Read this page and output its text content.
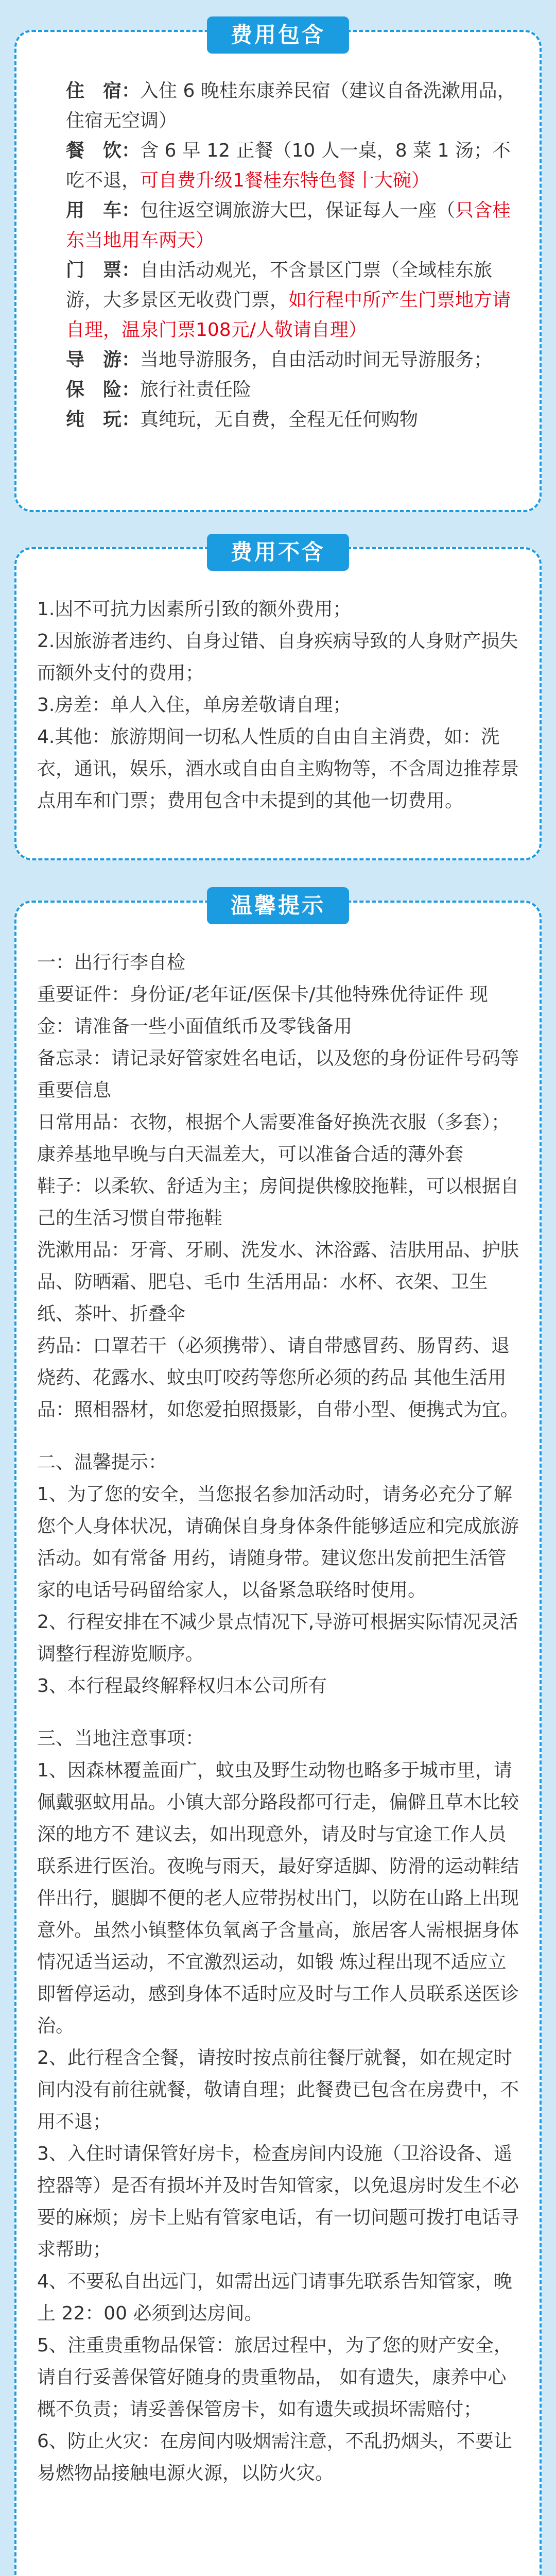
费用包含

住　宿：入住 6 晚桂东康养民宿（建议自备洗漱用品，住宿无空调）

餐　饮：含 6 早 12 正餐（10 人一桌，8 菜 1 汤；不吃不退，可自费升级1餐桂东特色餐十大碗）

用　车：包往返空调旅游大巴，保证每人一座（只含桂东当地用车两天）

门　票：自由活动观光，不含景区门票（全域桂东旅游，大多景区无收费门票，如行程中所产生门票地方请自理，温泉门票108元/人敬请自理）

导　游：当地导游服务，自由活动时间无导游服务；

保　险：旅行社责任险

纯　玩：真纯玩，无自费，全程无任何购物

费用不含

1.因不可抗力因素所引致的额外费用；

2.因旅游者违约、自身过错、自身疾病导致的人身财产损失而额外支付的费用；

3.房差：单人入住，单房差敬请自理；

4.其他：旅游期间一切私人性质的自由自主消费，如：洗衣，通讯，娱乐，酒水或自由自主购物等，不含周边推荐景点用车和门票；费用包含中未提到的其他一切费用。

温馨提示

一：出行行李自检

重要证件：身份证/老年证/医保卡/其他特殊优待证件 现金：请准备一些小面值纸币及零钱备用

备忘录：请记录好管家姓名电话，以及您的身份证件号码等重要信息

日常用品：衣物，根据个人需要准备好换洗衣服（多套）；康养基地早晚与白天温差大，可以准备合适的薄外套

鞋子：以柔软、舒适为主；房间提供橡胶拖鞋，可以根据自己的生活习惯自带拖鞋

洗漱用品：牙膏、牙刷、洗发水、沐浴露、洁肤用品、护肤品、防晒霜、肥皂、毛巾 生活用品：水杯、衣架、卫生纸、茶叶、折叠伞

药品：口罩若干（必须携带）、请自带感冒药、肠胃药、退烧药、花露水、蚊虫叮咬药等您所必须的药品 其他生活用品：照相器材，如您爱拍照摄影，自带小型、便携式为宜。

二、温馨提示：

1、为了您的安全，当您报名参加活动时，请务必充分了解您个人身体状况，请确保自身身体条件能够适应和完成旅游活动。如有常备 用药，请随身带。建议您出发前把生活管家的电话号码留给家人，以备紧急联络时使用。

2、行程安排在不减少景点情况下,导游可根据实际情况灵活调整行程游览顺序。

3、本行程最终解释权归本公司所有

三、当地注意事项：

1、因森林覆盖面广，蚊虫及野生动物也略多于城市里，请佩戴驱蚊用品。小镇大部分路段都可行走，偏僻且草木比较深的地方不 建议去，如出现意外，请及时与宜途工作人员联系进行医治。夜晚与雨天，最好穿适脚、防滑的运动鞋结伴出行，腿脚不便的老人应带拐杖出门，以防在山路上出现意外。虽然小镇整体负氧离子含量高，旅居客人需根据身体情况适当运动，不宜激烈运动，如锻 炼过程出现不适应立即暂停运动，感到身体不适时应及时与工作人员联系送医诊治。

2、此行程含全餐，请按时按点前往餐厅就餐，如在规定时间内没有前往就餐，敬请自理；此餐费已包含在房费中，不用不退；

3、入住时请保管好房卡，检查房间内设施（卫浴设备、遥控器等）是否有损坏并及时告知管家，以免退房时发生不必要的麻烦；房卡上贴有管家电话，有一切问题可拨打电话寻求帮助；

4、不要私自出远门，如需出远门请事先联系告知管家，晚上 22：00 必须到达房间。

5、注重贵重物品保管：旅居过程中，为了您的财产安全，请自行妥善保管好随身的贵重物品， 如有遗失，康养中心概不负责；请妥善保管房卡，如有遗失或损坏需赔付；

6、防止火灾：在房间内吸烟需注意，不乱扔烟头，不要让易燃物品接触电源火源，以防火灾。
